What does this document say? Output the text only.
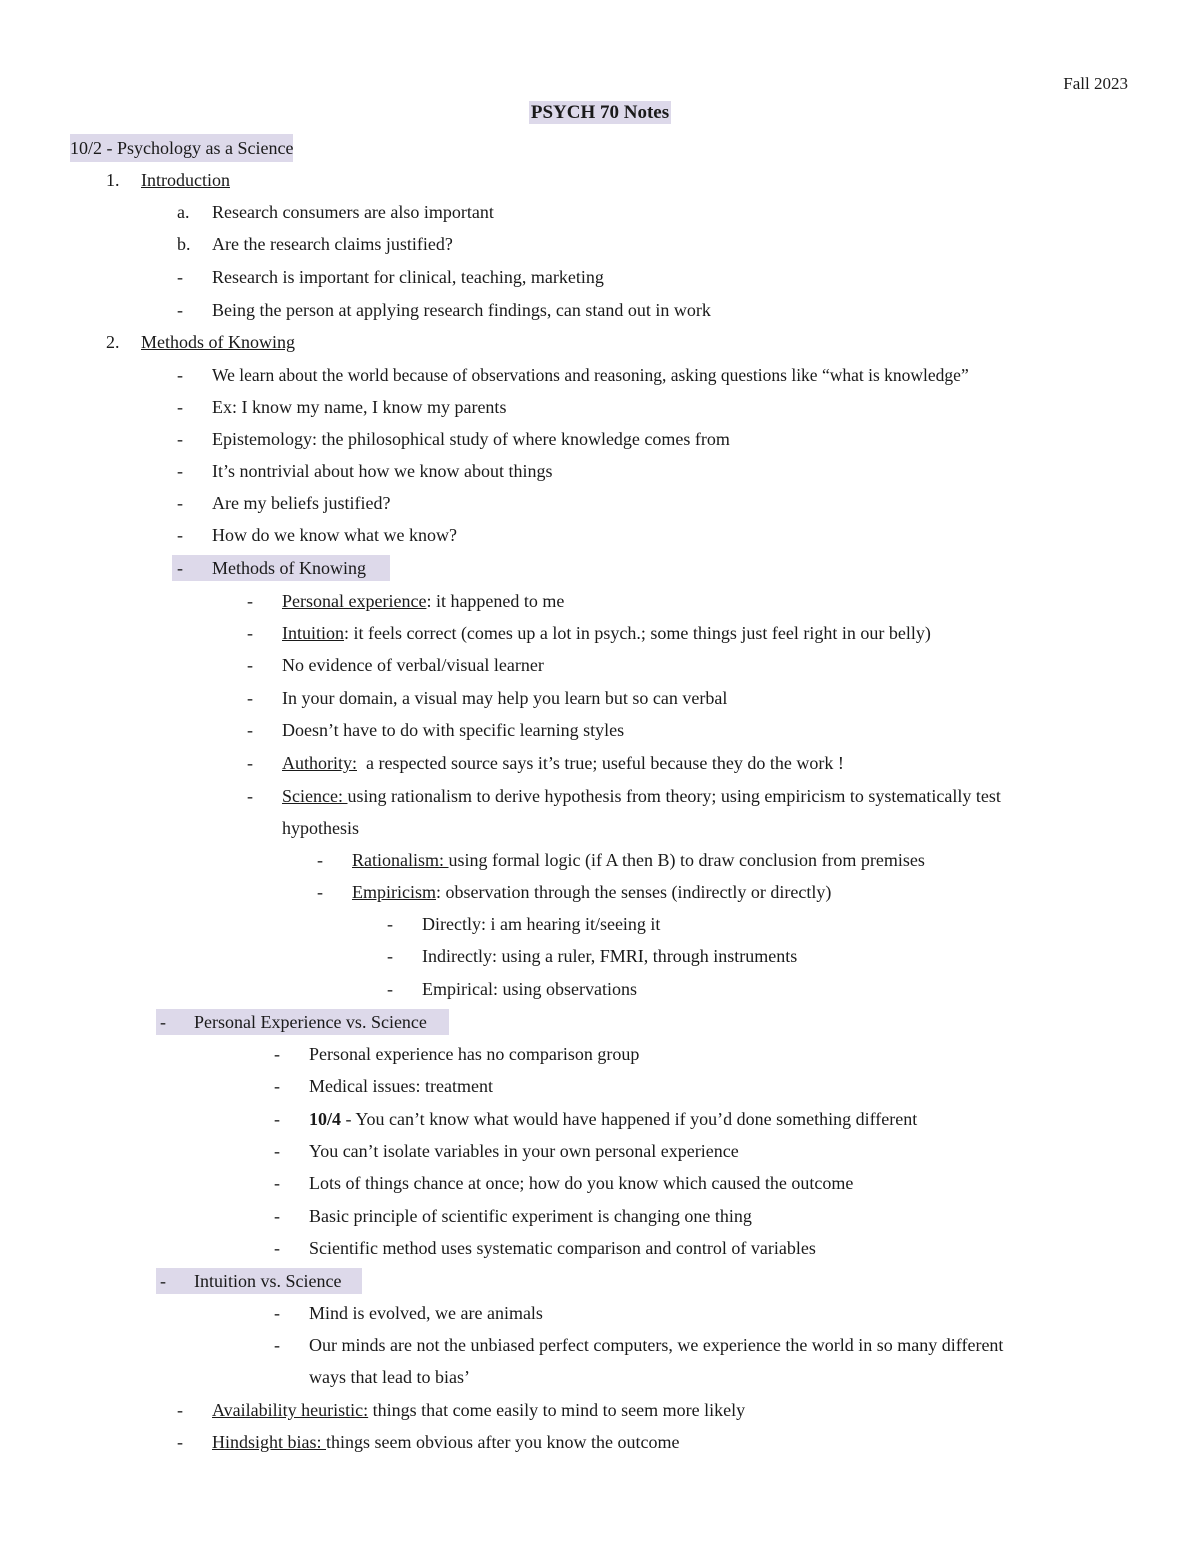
Fall 2023
PSYCH 70 Notes
10/2 - Psychology as a Science
1. Introduction
a. Research consumers are also important
b. Are the research claims justified?
- Research is important for clinical, teaching, marketing
- Being the person at applying research findings, can stand out in work
2. Methods of Knowing
- We learn about the world because of observations and reasoning, asking questions like “what is knowledge”
- Ex: I know my name, I know my parents
- Epistemology: the philosophical study of where knowledge comes from
- It’s nontrivial about how we know about things
- Are my beliefs justified?
- How do we know what we know?
- Methods of Knowing
- Personal experience: it happened to me
- Intuition: it feels correct (comes up a lot in psych.; some things just feel right in our belly)
- No evidence of verbal/visual learner
- In your domain, a visual may help you learn but so can verbal
- Doesn’t have to do with specific learning styles
- Authority:  a respected source says it’s true; useful because they do the work !
- Science: using rationalism to derive hypothesis from theory; using empiricism to systematically test
hypothesis
- Rationalism: using formal logic (if A then B) to draw conclusion from premises
- Empiricism: observation through the senses (indirectly or directly)
- Directly: i am hearing it/seeing it
- Indirectly: using a ruler, FMRI, through instruments
- Empirical: using observations
- Personal Experience vs. Science
- Personal experience has no comparison group
- Medical issues: treatment
- 10/4 - You can’t know what would have happened if you’d done something different
- You can’t isolate variables in your own personal experience
- Lots of things chance at once; how do you know which caused the outcome
- Basic principle of scientific experiment is changing one thing
- Scientific method uses systematic comparison and control of variables
- Intuition vs. Science
- Mind is evolved, we are animals
- Our minds are not the unbiased perfect computers, we experience the world in so many different
ways that lead to bias’
- Availability heuristic: things that come easily to mind to seem more likely
- Hindsight bias: things seem obvious after you know the outcome
